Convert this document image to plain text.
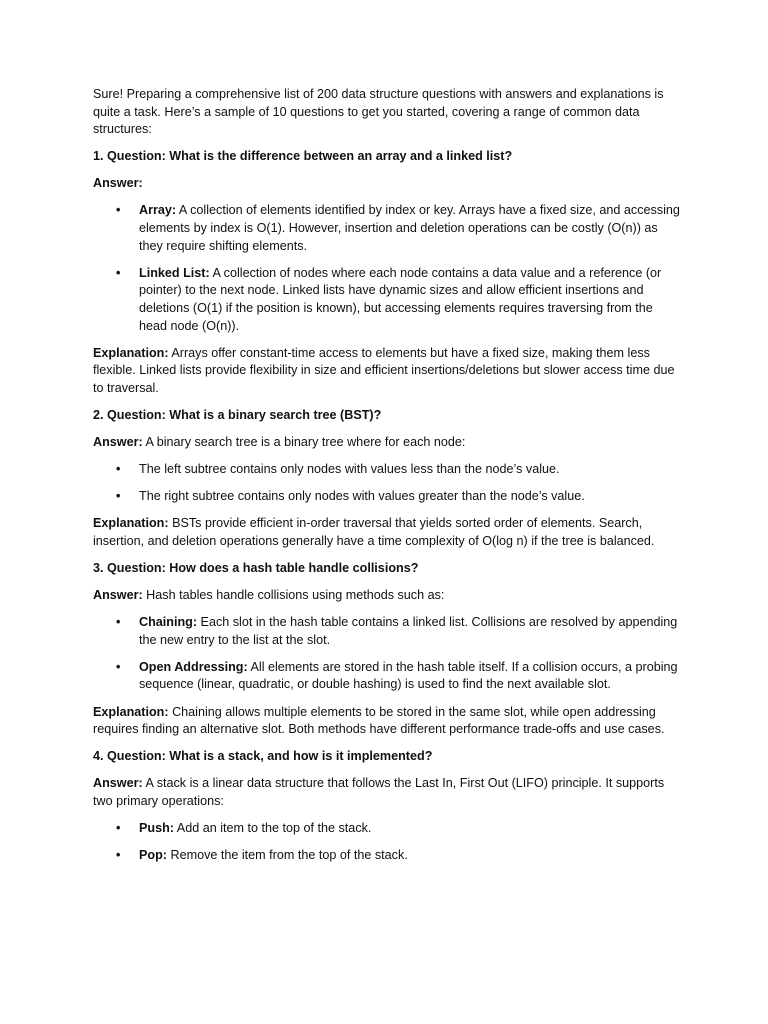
Sure! Preparing a comprehensive list of 200 data structure questions with answers and explanations is quite a task. Here’s a sample of 10 questions to get you started, covering a range of common data structures:

1. Question: What is the difference between an array and a linked list?

Answer:

• Array: A collection of elements identified by index or key. Arrays have a fixed size, and accessing elements by index is O(1). However, insertion and deletion operations can be costly (O(n)) as they require shifting elements.
• Linked List: A collection of nodes where each node contains a data value and a reference (or pointer) to the next node. Linked lists have dynamic sizes and allow efficient insertions and deletions (O(1) if the position is known), but accessing elements requires traversing from the head node (O(n)).

Explanation: Arrays offer constant-time access to elements but have a fixed size, making them less flexible. Linked lists provide flexibility in size and efficient insertions/deletions but slower access time due to traversal.

2. Question: What is a binary search tree (BST)?

Answer: A binary search tree is a binary tree where for each node:

• The left subtree contains only nodes with values less than the node’s value.
• The right subtree contains only nodes with values greater than the node’s value.

Explanation: BSTs provide efficient in-order traversal that yields sorted order of elements. Search, insertion, and deletion operations generally have a time complexity of O(log n) if the tree is balanced.

3. Question: How does a hash table handle collisions?

Answer: Hash tables handle collisions using methods such as:

• Chaining: Each slot in the hash table contains a linked list. Collisions are resolved by appending the new entry to the list at the slot.
• Open Addressing: All elements are stored in the hash table itself. If a collision occurs, a probing sequence (linear, quadratic, or double hashing) is used to find the next available slot.

Explanation: Chaining allows multiple elements to be stored in the same slot, while open addressing requires finding an alternative slot. Both methods have different performance trade-offs and use cases.

4. Question: What is a stack, and how is it implemented?

Answer: A stack is a linear data structure that follows the Last In, First Out (LIFO) principle. It supports two primary operations:

• Push: Add an item to the top of the stack.
• Pop: Remove the item from the top of the stack.
